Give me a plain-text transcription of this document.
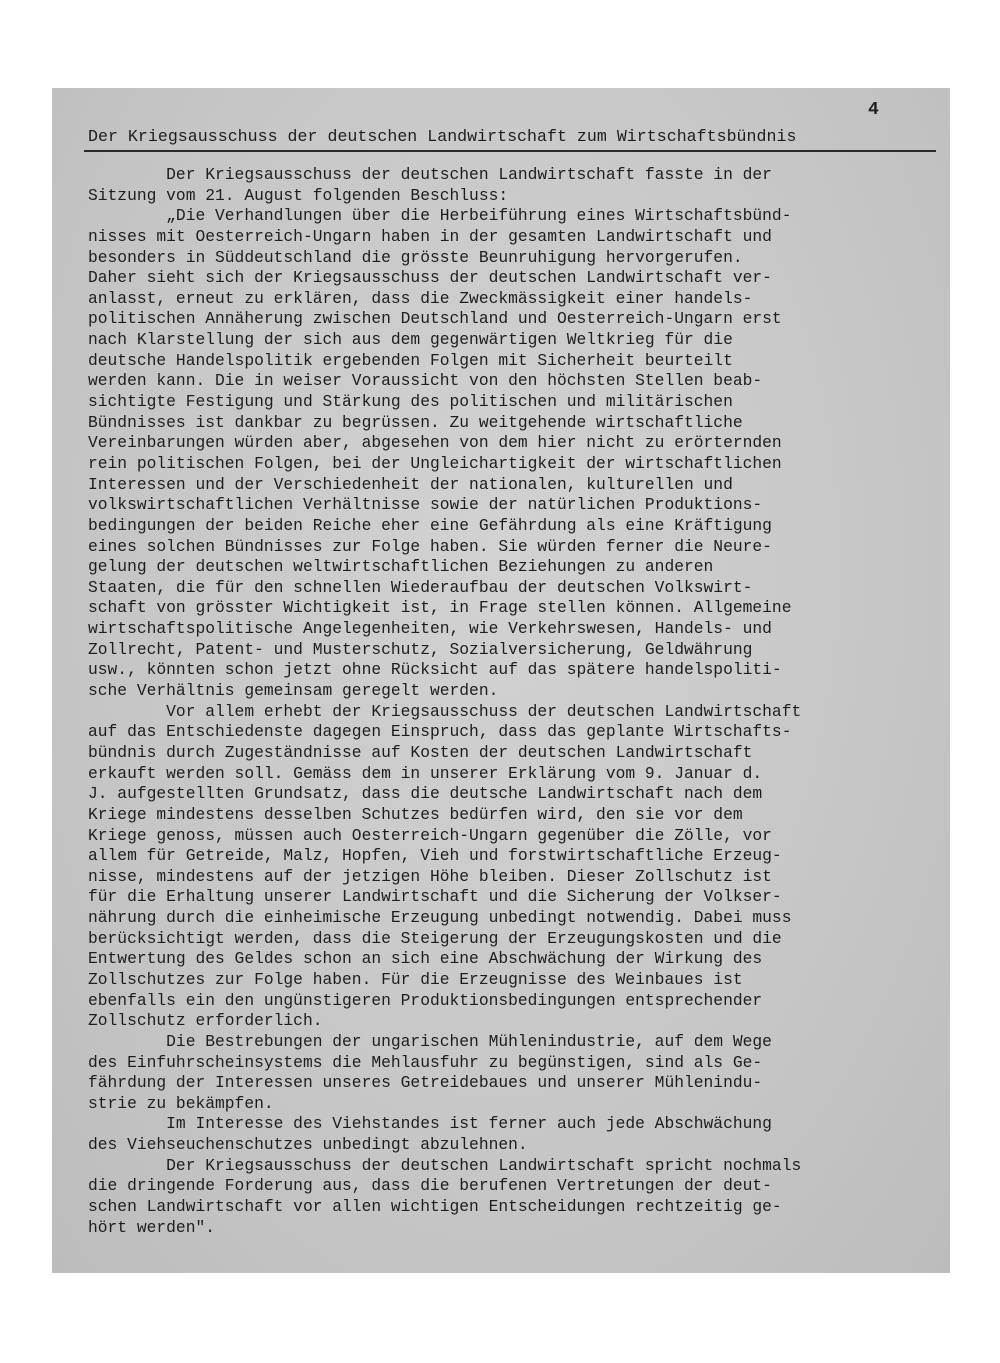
4
Der Kriegsausschuss der deutschen Landwirtschaft zum Wirtschaftsbündnis
Der Kriegsausschuss der deutschen Landwirtschaft fasste in der
Sitzung vom 21. August folgenden Beschluss:
„Die Verhandlungen über die Herbeiführung eines Wirtschaftsbünd-
nisses mit Oesterreich-Ungarn haben in der gesamten Landwirtschaft und
besonders in Süddeutschland die grösste Beunruhigung hervorgerufen.
Daher sieht sich der Kriegsausschuss der deutschen Landwirtschaft ver-
anlasst, erneut zu erklären, dass die Zweckmässigkeit einer handels-
politischen Annäherung zwischen Deutschland und Oesterreich-Ungarn erst
nach Klarstellung der sich aus dem gegenwärtigen Weltkrieg für die
deutsche Handelspolitik ergebenden Folgen mit Sicherheit beurteilt
werden kann. Die in weiser Voraussicht von den höchsten Stellen beab-
sichtigte Festigung und Stärkung des politischen und militärischen
Bündnisses ist dankbar zu begrüssen. Zu weitgehende wirtschaftliche
Vereinbarungen würden aber, abgesehen von dem hier nicht zu erörternden
rein politischen Folgen, bei der Ungleichartigkeit der wirtschaftlichen
Interessen und der Verschiedenheit der nationalen, kulturellen und
volkswirtschaftlichen Verhältnisse sowie der natürlichen Produktions-
bedingungen der beiden Reiche eher eine Gefährdung als eine Kräftigung
eines solchen Bündnisses zur Folge haben. Sie würden ferner die Neure-
gelung der deutschen weltwirtschaftlichen Beziehungen zu anderen
Staaten, die für den schnellen Wiederaufbau der deutschen Volkswirt-
schaft von grösster Wichtigkeit ist, in Frage stellen können. Allgemeine
wirtschaftspolitische Angelegenheiten, wie Verkehrswesen, Handels- und
Zollrecht, Patent- und Musterschutz, Sozialversicherung, Geldwährung
usw., könnten schon jetzt ohne Rücksicht auf das spätere handelspoliti-
sche Verhältnis gemeinsam geregelt werden.
Vor allem erhebt der Kriegsausschuss der deutschen Landwirtschaft
auf das Entschiedenste dagegen Einspruch, dass das geplante Wirtschafts-
bündnis durch Zugeständnisse auf Kosten der deutschen Landwirtschaft
erkauft werden soll. Gemäss dem in unserer Erklärung vom 9. Januar d.
J. aufgestellten Grundsatz, dass die deutsche Landwirtschaft nach dem
Kriege mindestens desselben Schutzes bedürfen wird, den sie vor dem
Kriege genoss, müssen auch Oesterreich-Ungarn gegenüber die Zölle, vor
allem für Getreide, Malz, Hopfen, Vieh und forstwirtschaftliche Erzeug-
nisse, mindestens auf der jetzigen Höhe bleiben. Dieser Zollschutz ist
für die Erhaltung unserer Landwirtschaft und die Sicherung der Volkser-
nährung durch die einheimische Erzeugung unbedingt notwendig. Dabei muss
berücksichtigt werden, dass die Steigerung der Erzeugungskosten und die
Entwertung des Geldes schon an sich eine Abschwächung der Wirkung des
Zollschutzes zur Folge haben. Für die Erzeugnisse des Weinbaues ist
ebenfalls ein den ungünstigeren Produktionsbedingungen entsprechender
Zollschutz erforderlich.
Die Bestrebungen der ungarischen Mühlenindustrie, auf dem Wege
des Einfuhrscheinsystems die Mehlausfuhr zu begünstigen, sind als Ge-
fährdung der Interessen unseres Getreidebaues und unserer Mühlenindu-
strie zu bekämpfen.
Im Interesse des Viehstandes ist ferner auch jede Abschwächung
des Viehseuchenschutzes unbedingt abzulehnen.
Der Kriegsausschuss der deutschen Landwirtschaft spricht nochmals
die dringende Forderung aus, dass die berufenen Vertretungen der deut-
schen Landwirtschaft vor allen wichtigen Entscheidungen rechtzeitig ge-
hört werden".
